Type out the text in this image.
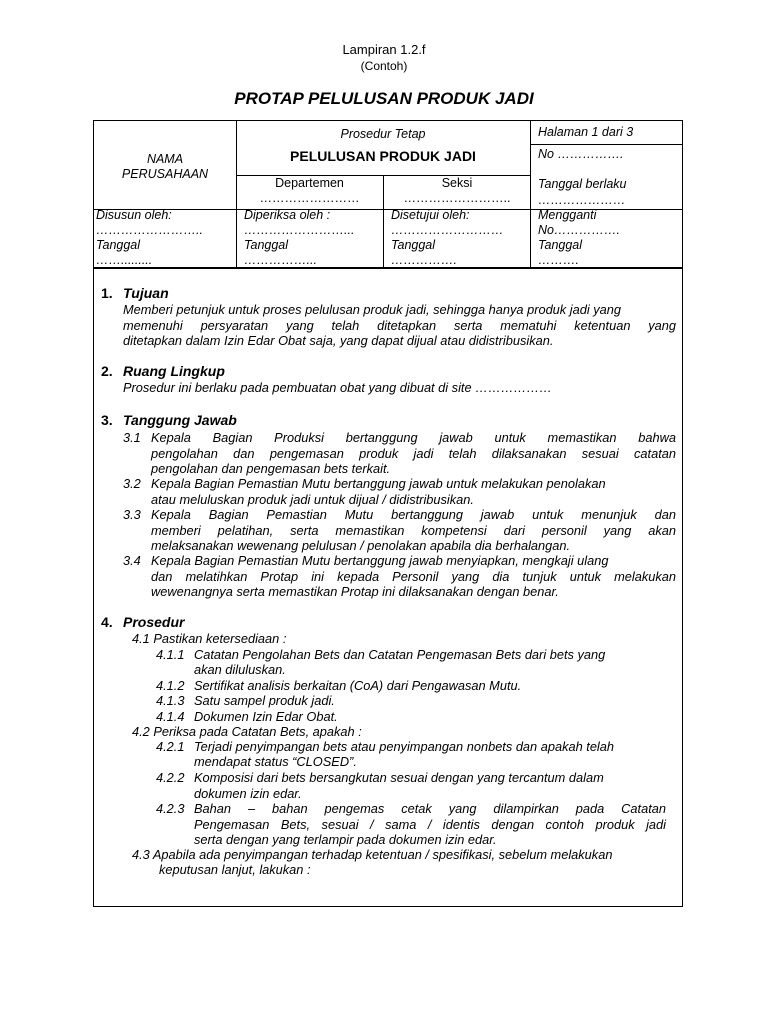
Lampiran 1.2.f
(Contoh)
PROTAP PELULUSAN PRODUK JADI
NAMA
PERUSAHAAN
Prosedur Tetap
PELULUSAN PRODUK JADI
Departemen
……………………
Seksi
……………………..
Halaman 1 dari 3
No …………….
Tanggal berlaku
…………………
Disusun oleh:
……………………..
Tanggal
…….........
Diperiksa oleh :
……………………...
Tanggal
……………...
Disetujui oleh:
………………………
Tanggal
…………….
Mengganti
No…………….
Tanggal
……….
1. Tujuan
Memberi petunjuk untuk proses pelulusan produk jadi, sehingga hanya produk jadi yang
memenuhi persyaratan yang telah ditetapkan serta mematuhi ketentuan yang
ditetapkan dalam Izin Edar Obat saja, yang dapat dijual atau didistribusikan.
2. Ruang Lingkup
Prosedur ini berlaku pada pembuatan obat yang dibuat di site ………………
3. Tanggung Jawab
3.1 Kepala Bagian Produksi bertanggung jawab untuk memastikan bahwa
pengolahan dan pengemasan produk jadi telah dilaksanakan sesuai catatan
pengolahan dan pengemasan bets terkait.
3.2 Kepala Bagian Pemastian Mutu bertanggung jawab untuk melakukan penolakan
atau meluluskan produk jadi untuk dijual / didistribusikan.
3.3 Kepala Bagian Pemastian Mutu bertanggung jawab untuk menunjuk dan
memberi pelatihan, serta memastikan kompetensi dari personil yang akan
melaksanakan wewenang pelulusan / penolakan apabila dia berhalangan.
3.4 Kepala Bagian Pemastian Mutu bertanggung jawab menyiapkan, mengkaji ulang
dan melatihkan Protap ini kepada Personil yang dia tunjuk untuk melakukan
wewenangnya serta memastikan Protap ini dilaksanakan dengan benar.
4. Prosedur
4.1 Pastikan ketersediaan :
4.1.1 Catatan Pengolahan Bets dan Catatan Pengemasan Bets dari bets yang
akan diluluskan.
4.1.2 Sertifikat analisis berkaitan (CoA) dari Pengawasan Mutu.
4.1.3 Satu sampel produk jadi.
4.1.4 Dokumen Izin Edar Obat.
4.2 Periksa pada Catatan Bets, apakah :
4.2.1 Terjadi penyimpangan bets atau penyimpangan nonbets dan apakah telah
mendapat status “CLOSED”.
4.2.2 Komposisi dari bets bersangkutan sesuai dengan yang tercantum dalam
dokumen izin edar.
4.2.3 Bahan – bahan pengemas cetak yang dilampirkan pada Catatan
Pengemasan Bets, sesuai / sama / identis dengan contoh produk jadi
serta dengan yang terlampir pada dokumen izin edar.
4.3 Apabila ada penyimpangan terhadap ketentuan / spesifikasi, sebelum melakukan
keputusan lanjut, lakukan :
